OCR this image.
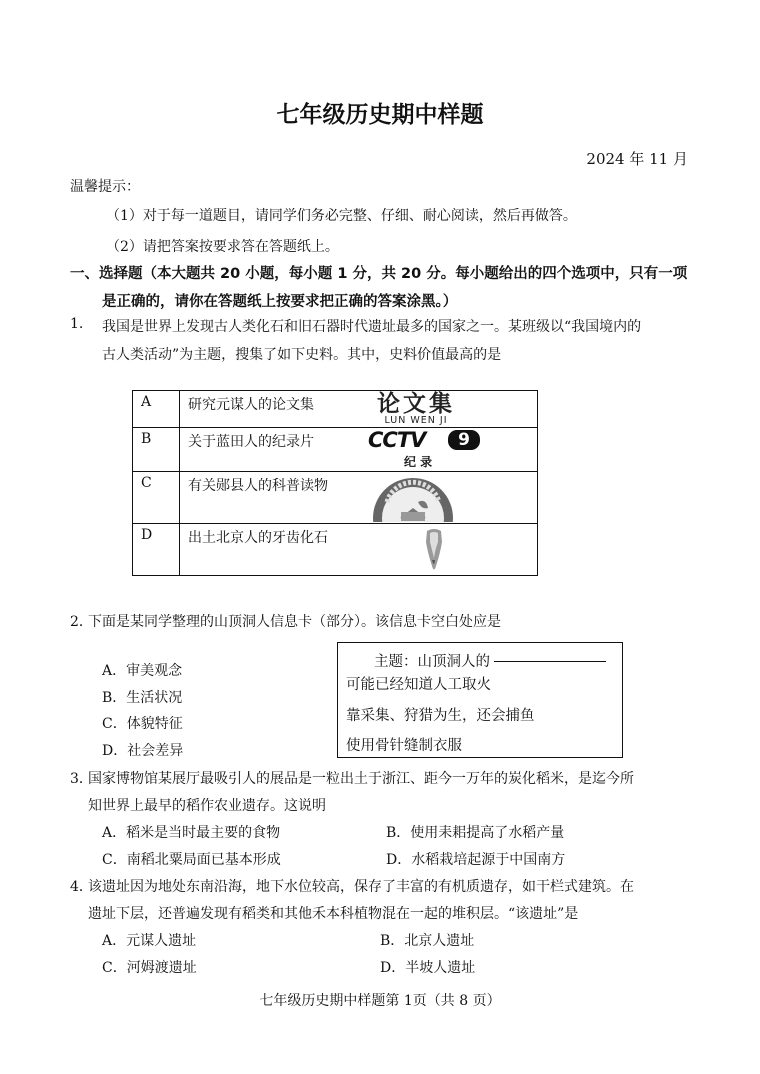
七年级历史期中样题
2024 年 11 月
温馨提示：
（1）对于每一道题目，请同学们务必完整、仔细、耐心阅读，然后再做答。
（2）请把答案按要求答在答题纸上。
一、选择题（本大题共 20 小题，每小题 1 分，共 20 分。每小题给出的四个选项中，只有一项
是正确的，请你在答题纸上按要求把正确的答案涂黑。）
1. 我国是世界上发现古人类化石和旧石器时代遗址最多的国家之一。某班级以“我国境内的
古人类活动”为主题，搜集了如下史料。其中，史料价值最高的是
A	研究元谋人的论文集 论文集
LUN WEN JI

B	关于蓝田人的纪录片 CCTV 9
纪 录

C	有关郧县人的科普读物

D	出土北京人的牙齿化石
2．
下面是某同学整理的山顶洞人信息卡（部分）。该信息卡空白处应是
A．审美观念
B．生活状况
C．体貌特征
D．社会差异
主题：山顶洞人的
可能已经知道人工取火
靠采集、狩猎为生，还会捕鱼
使用骨针缝制衣服
3．
国家博物馆某展厅最吸引人的展品是一粒出土于浙江、距今一万年的炭化稻米，是迄今所
知世界上最早的稻作农业遗存。这说明
A．稻米是当时最主要的食物	B．使用耒耜提高了水稻产量
C．南稻北粟局面已基本形成	D．水稻栽培起源于中国南方
4．
该遗址因为地处东南沿海，地下水位较高，保存了丰富的有机质遗存，如干栏式建筑。在
遗址下层，还普遍发现有稻类和其他禾本科植物混在一起的堆积层。“该遗址”是
A．元谋人遗址	B．北京人遗址
C．河姆渡遗址	D．半坡人遗址
七年级历史期中样题第 1页（共 8 页）
